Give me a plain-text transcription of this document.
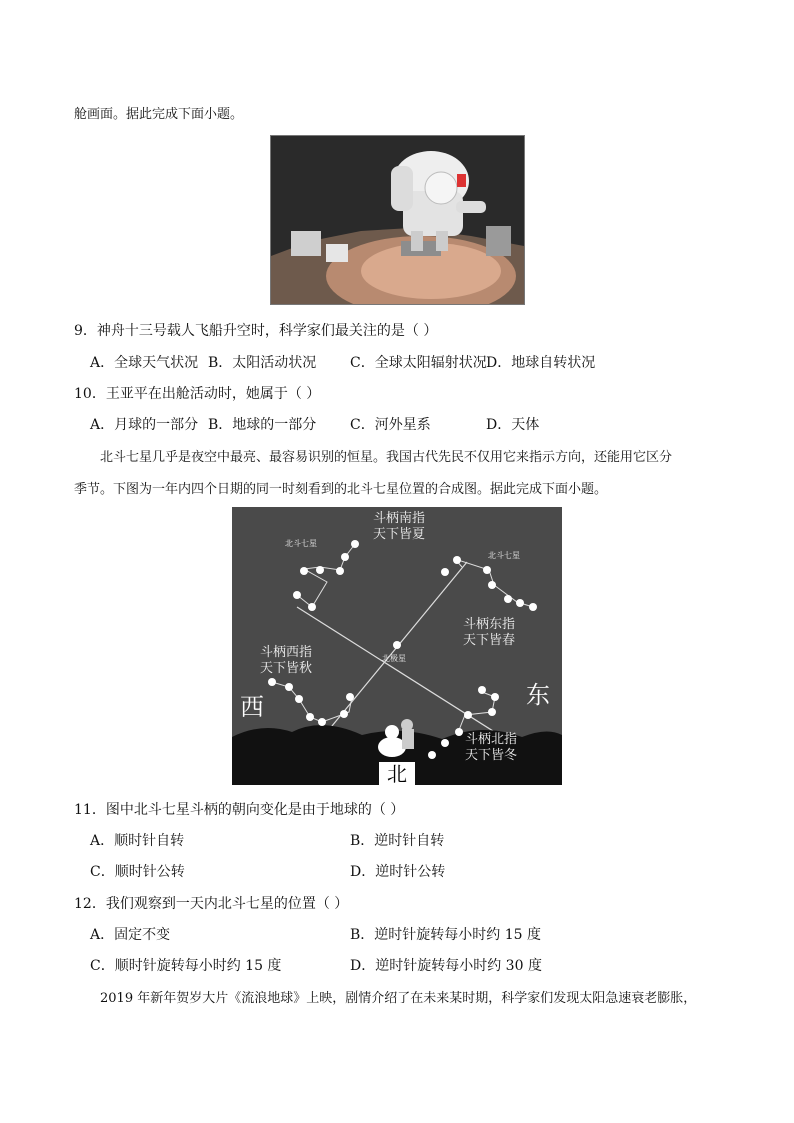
舱画面。据此完成下面小题。
9．神舟十三号载人飞船升空时，科学家们最关注的是（ ）
A．全球天气状况 B．太阳活动状况 C．全球太阳辐射状况 D．地球自转状况
10．王亚平在出舱活动时，她属于（ ）
A．月球的一部分 B．地球的一部分 C．河外星系	D．天体
北斗七星几乎是夜空中最亮、最容易识别的恒星。我国古代先民不仅用它来指示方向，还能用它区分
季节。下图为一年内四个日期的同一时刻看到的北斗七星位置的合成图。据此完成下面小题。
斗柄南指
天下皆夏
北斗七星
北斗七星
斗柄东指
天下皆春
北极星
斗柄西指
天下皆秋
西	东
斗柄北指
天下皆冬
北
11．图中北斗七星斗柄的朝向变化是由于地球的（ ）
A．顺时针自转	B．逆时针自转
C．顺时针公转	D．逆时针公转
12．我们观察到一天内北斗七星的位置（ ）
A．固定不变	B．逆时针旋转每小时约 15 度
C．顺时针旋转每小时约 15 度	D．逆时针旋转每小时约 30 度
2019 年新年贺岁大片《流浪地球》上映，剧情介绍了在未来某时期，科学家们发现太阳急速衰老膨胀，
